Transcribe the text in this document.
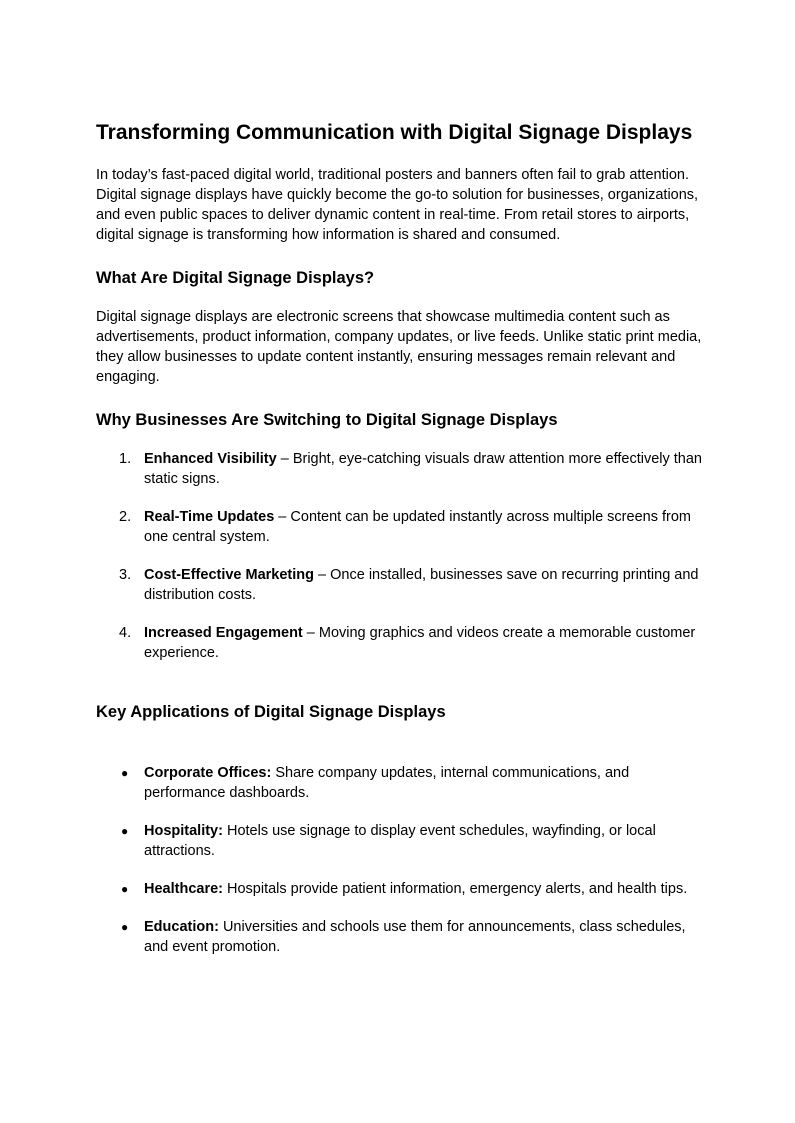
Transforming Communication with Digital Signage Displays

In today’s fast-paced digital world, traditional posters and banners often fail to grab attention. Digital signage displays have quickly become the go-to solution for businesses, organizations, and even public spaces to deliver dynamic content in real-time. From retail stores to airports, digital signage is transforming how information is shared and consumed.

What Are Digital Signage Displays?

Digital signage displays are electronic screens that showcase multimedia content such as advertisements, product information, company updates, or live feeds. Unlike static print media, they allow businesses to update content instantly, ensuring messages remain relevant and engaging.

Why Businesses Are Switching to Digital Signage Displays
1. Enhanced Visibility – Bright, eye-catching visuals draw attention more effectively than static signs.
2. Real-Time Updates – Content can be updated instantly across multiple screens from one central system.
3. Cost-Effective Marketing – Once installed, businesses save on recurring printing and distribution costs.
4. Increased Engagement – Moving graphics and videos create a memorable customer experience.
Key Applications of Digital Signage Displays
● Corporate Offices: Share company updates, internal communications, and performance dashboards.
● Hospitality: Hotels use signage to display event schedules, wayfinding, or local attractions.
● Healthcare: Hospitals provide patient information, emergency alerts, and health tips.
● Education: Universities and schools use them for announcements, class schedules, and event promotion.
